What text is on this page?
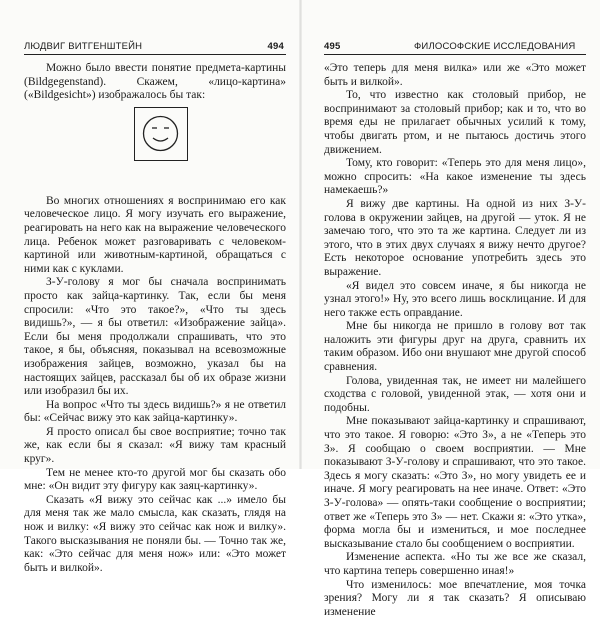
ЛЮДВИГ ВИТГЕНШТЕЙН	494

Можно было ввести понятие предмета-картины (Bildgegenstand). Скажем, «лицо-картина» («Bildgesicht») изображалось бы так:

Во многих отношениях я воспринимаю его как человеческое лицо. Я могу изучать его выражение, реагировать на него как на выражение человеческого лица. Ребенок может разговаривать с человеком-картиной или животным-картиной, обращаться с ними как с куклами.

З-У-голову я мог бы сначала воспринимать просто как зайца-картинку. Так, если бы меня спросили: «Что это такое?», «Что ты здесь видишь?», — я бы ответил: «Изображение зайца». Если бы меня продолжали спрашивать, что это такое, я бы, объясняя, показывал на всевозможные изображения зайцев, возможно, указал бы на настоящих зайцев, рассказал бы об их образе жизни или изобразил бы их.

На вопрос «Что ты здесь видишь?» я не ответил бы: «Сейчас вижу это как зайца-картинку».

Я просто описал бы свое восприятие; точно так же, как если бы я сказал: «Я вижу там красный круг».

Тем не менее кто-то другой мог бы сказать обо мне: «Он видит эту фигуру как заяц-картинку».

Сказать «Я вижу это сейчас как ...» имело бы для меня так же мало смысла, как сказать, глядя на нож и вилку: «Я вижу это сейчас как нож и вилку». Такого высказывания не поняли бы. — Точно так же, как: «Это сейчас для меня нож» или: «Это может быть и вилкой».

495	ФИЛОСОФСКИЕ ИССЛЕДОВАНИЯ

«Это теперь для меня вилка» или же «Это может быть и вилкой».

То, что известно как столовый прибор, не воспринимают за столовый прибор; как и то, что во время еды не прилагает обычных усилий к тому, чтобы двигать ртом, и не пытаюсь достичь этого движением.

Тому, кто говорит: «Теперь это для меня лицо», можно спросить: «На какое изменение ты здесь намекаешь?»

Я вижу две картины. На одной из них З-У-голова в окружении зайцев, на другой — уток. Я не замечаю того, что это та же картина. Следует ли из этого, что в этих двух случаях я вижу нечто другое? Есть некоторое основание употребить здесь это выражение.

«Я видел это совсем иначе, я бы никогда не узнал этого!» Ну, это всего лишь восклицание. И для него также есть оправдание.

Мне бы никогда не пришло в голову вот так наложить эти фигуры друг на друга, сравнить их таким образом. Ибо они внушают мне другой способ сравнения.

Голова, увиденная так, не имеет ни малейшего сходства с головой, увиденной этак, — хотя они и подобны.

Мне показывают зайца-картинку и спрашивают, что это такое. Я говорю: «Это З», а не «Теперь это З». Я сообщаю о своем восприятии. — Мне показывают З-У-голову и спрашивают, что это такое. Здесь я могу сказать: «Это З», но могу увидеть ее и иначе. Я могу реагировать на нее иначе. Ответ: «Это З-У-голова» — опять-таки сообщение о восприятии; ответ же «Теперь это З» — нет. Скажи я: «Это утка», форма могла бы и измениться, и мое последнее высказывание стало бы сообщением о восприятии.

Изменение аспекта. «Но ты же все же сказал, что картина теперь совершенно иная!»

Что изменилось: мое впечатление, моя точка зрения? Могу ли я так сказать? Я описываю изменение
